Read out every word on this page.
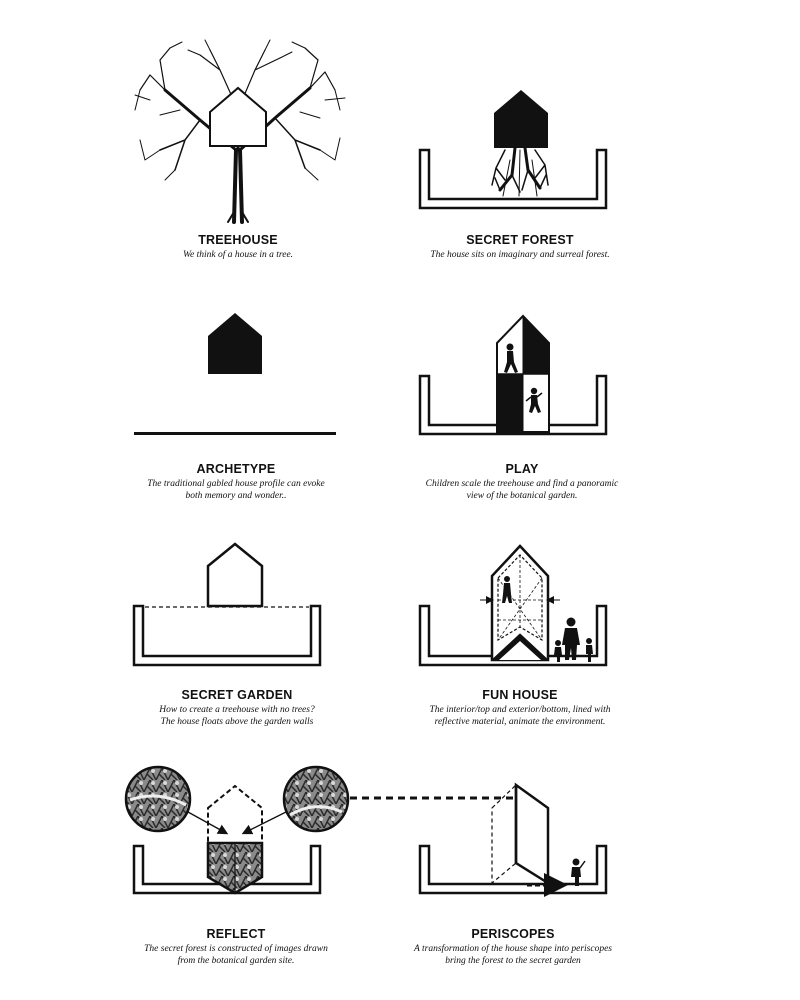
TREEHOUSE
We think of a house in a tree.
SECRET FOREST
The house sits on imaginary and surreal forest.
ARCHETYPE
The traditional gabled house profile can evoke
both memory and wonder..
PLAY
Children scale the treehouse and find a panoramic
view of the botanical garden.
SECRET GARDEN
How to create a treehouse with no trees?
The house floats above the garden walls
FUN HOUSE
The interior/top and exterior/bottom, lined with
reflective material, animate the environment.
REFLECT
The secret forest is constructed of images drawn
from the botanical garden site.
PERISCOPES
A transformation of the house shape into periscopes
bring the forest to the secret garden
